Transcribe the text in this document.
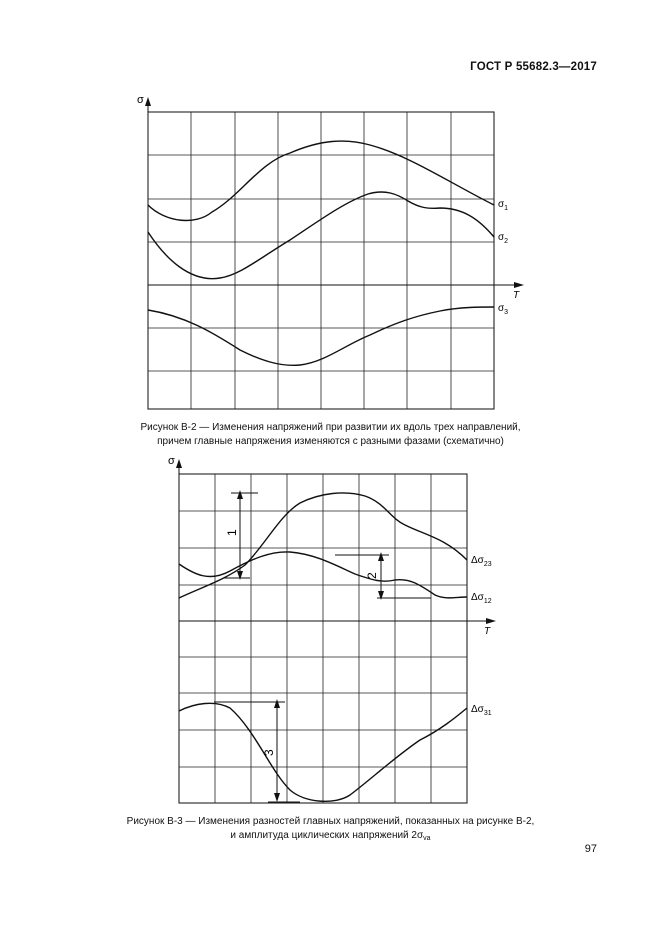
ГОСТ Р 55682.3—2017
σ
T
$\sigma_1$
$\sigma_2$
$\sigma_3$
Рисунок В-2 — Изменения напряжений при развитии их вдоль трех направлений,
причем главные напряжения изменяются с разными фазами (схематично)
σ
T
1
2
3
$\Delta\sigma_{23}$
$\Delta\sigma_{12}$
$\Delta\sigma_{31}$
Рисунок В-3 — Изменения разностей главных напряжений, показанных на рисунке В-2,
и амплитуда циклических напряжений $2\sigma_{va}$
97
